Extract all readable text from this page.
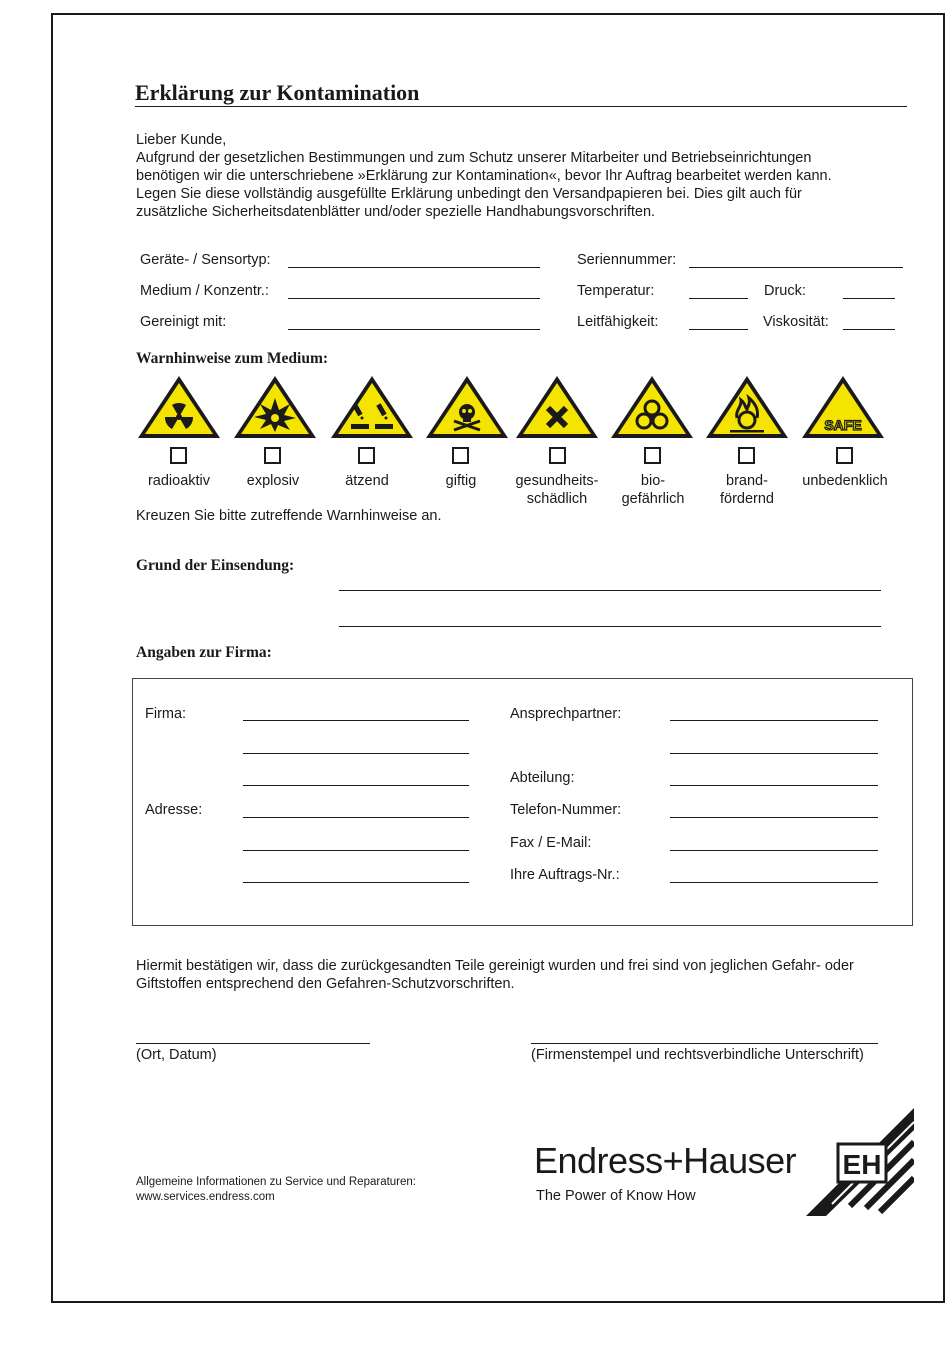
Erklärung zur Kontamination
Lieber Kunde,
Aufgrund der gesetzlichen Bestimmungen und zum Schutz unserer Mitarbeiter und Betriebseinrichtungen
benötigen wir die unterschriebene »Erklärung zur Kontamination«, bevor Ihr Auftrag bearbeitet werden kann.
Legen Sie diese vollständig ausgefüllte Erklärung unbedingt den Versandpapieren bei. Dies gilt auch für
zusätzliche Sicherheitsdatenblätter und/oder spezielle Handhabungsvorschriften.
Geräte- / Sensortyp:	Seriennummer:
Medium / Konzentr.:	Temperatur:	Druck:
Gereinigt mit:	Leitfähigkeit:	Viskosität:
Warnhinweise zum Medium:
SAFE
radioaktiv	explosiv	ätzend	giftig	gesundheits-
schädlich
bio-
gefährlich
brand-
fördernd
unbedenklich
Kreuzen Sie bitte zutreffende Warnhinweise an.
Grund der Einsendung:
Angaben zur Firma:
Firma:
Adresse:
Ansprechpartner:
Abteilung:
Telefon-Nummer:
Fax / E-Mail:
Ihre Auftrags-Nr.:
Hiermit bestätigen wir, dass die zurückgesandten Teile gereinigt wurden und frei sind von jeglichen Gefahr- oder
Giftstoffen entsprechend den Gefahren-Schutzvorschriften.
(Ort, Datum)	(Firmenstempel und rechtsverbindliche Unterschrift)
Allgemeine Informationen zu Service und Reparaturen:
www.services.endress.com
Endress+Hauser
The Power of Know How
EH
